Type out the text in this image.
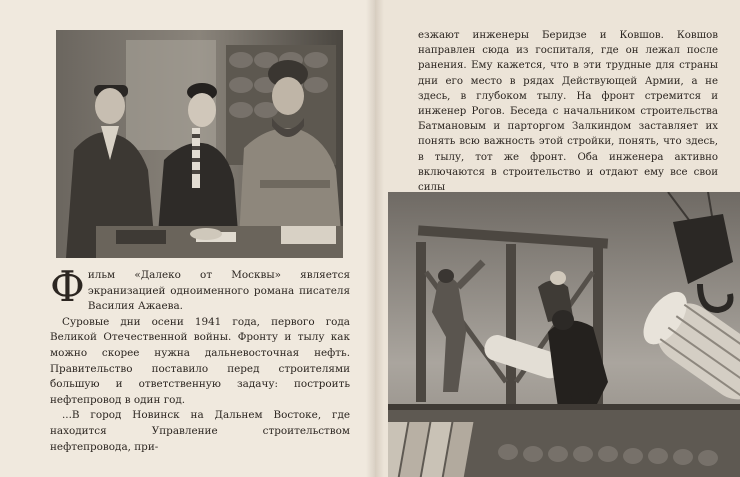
Ф ильм «Далеко от Москвы» является экранизацией одноименного романа писателя Василия Ажаева.

Суровые дни осени 1941 года, первого года Великой Отечественной войны. Фронту и тылу как можно скорее нужна дальневосточная нефть. Правительство поставило перед строителями большую и ответственную задачу: построить нефтепровод в один год.

...В город Новинск на Дальнем Востоке, где находится Управление строительством нефтепровода, при-

езжают инженеры Беридзе и Ковшов. Ковшов направлен сюда из госпиталя, где он лежал после ранения. Ему кажется, что в эти трудные для страны дни его место в рядах Действующей Армии, а не здесь, в глубоком тылу. На фронт стремится и инженер Рогов. Беседа с начальником строительства Батмановым и парторгом Залкиндом заставляет их понять всю важность этой стройки, понять, что здесь, в тылу, тот же фронт. Оба инженера активно включаются в строительство и отдают ему все свои силы
